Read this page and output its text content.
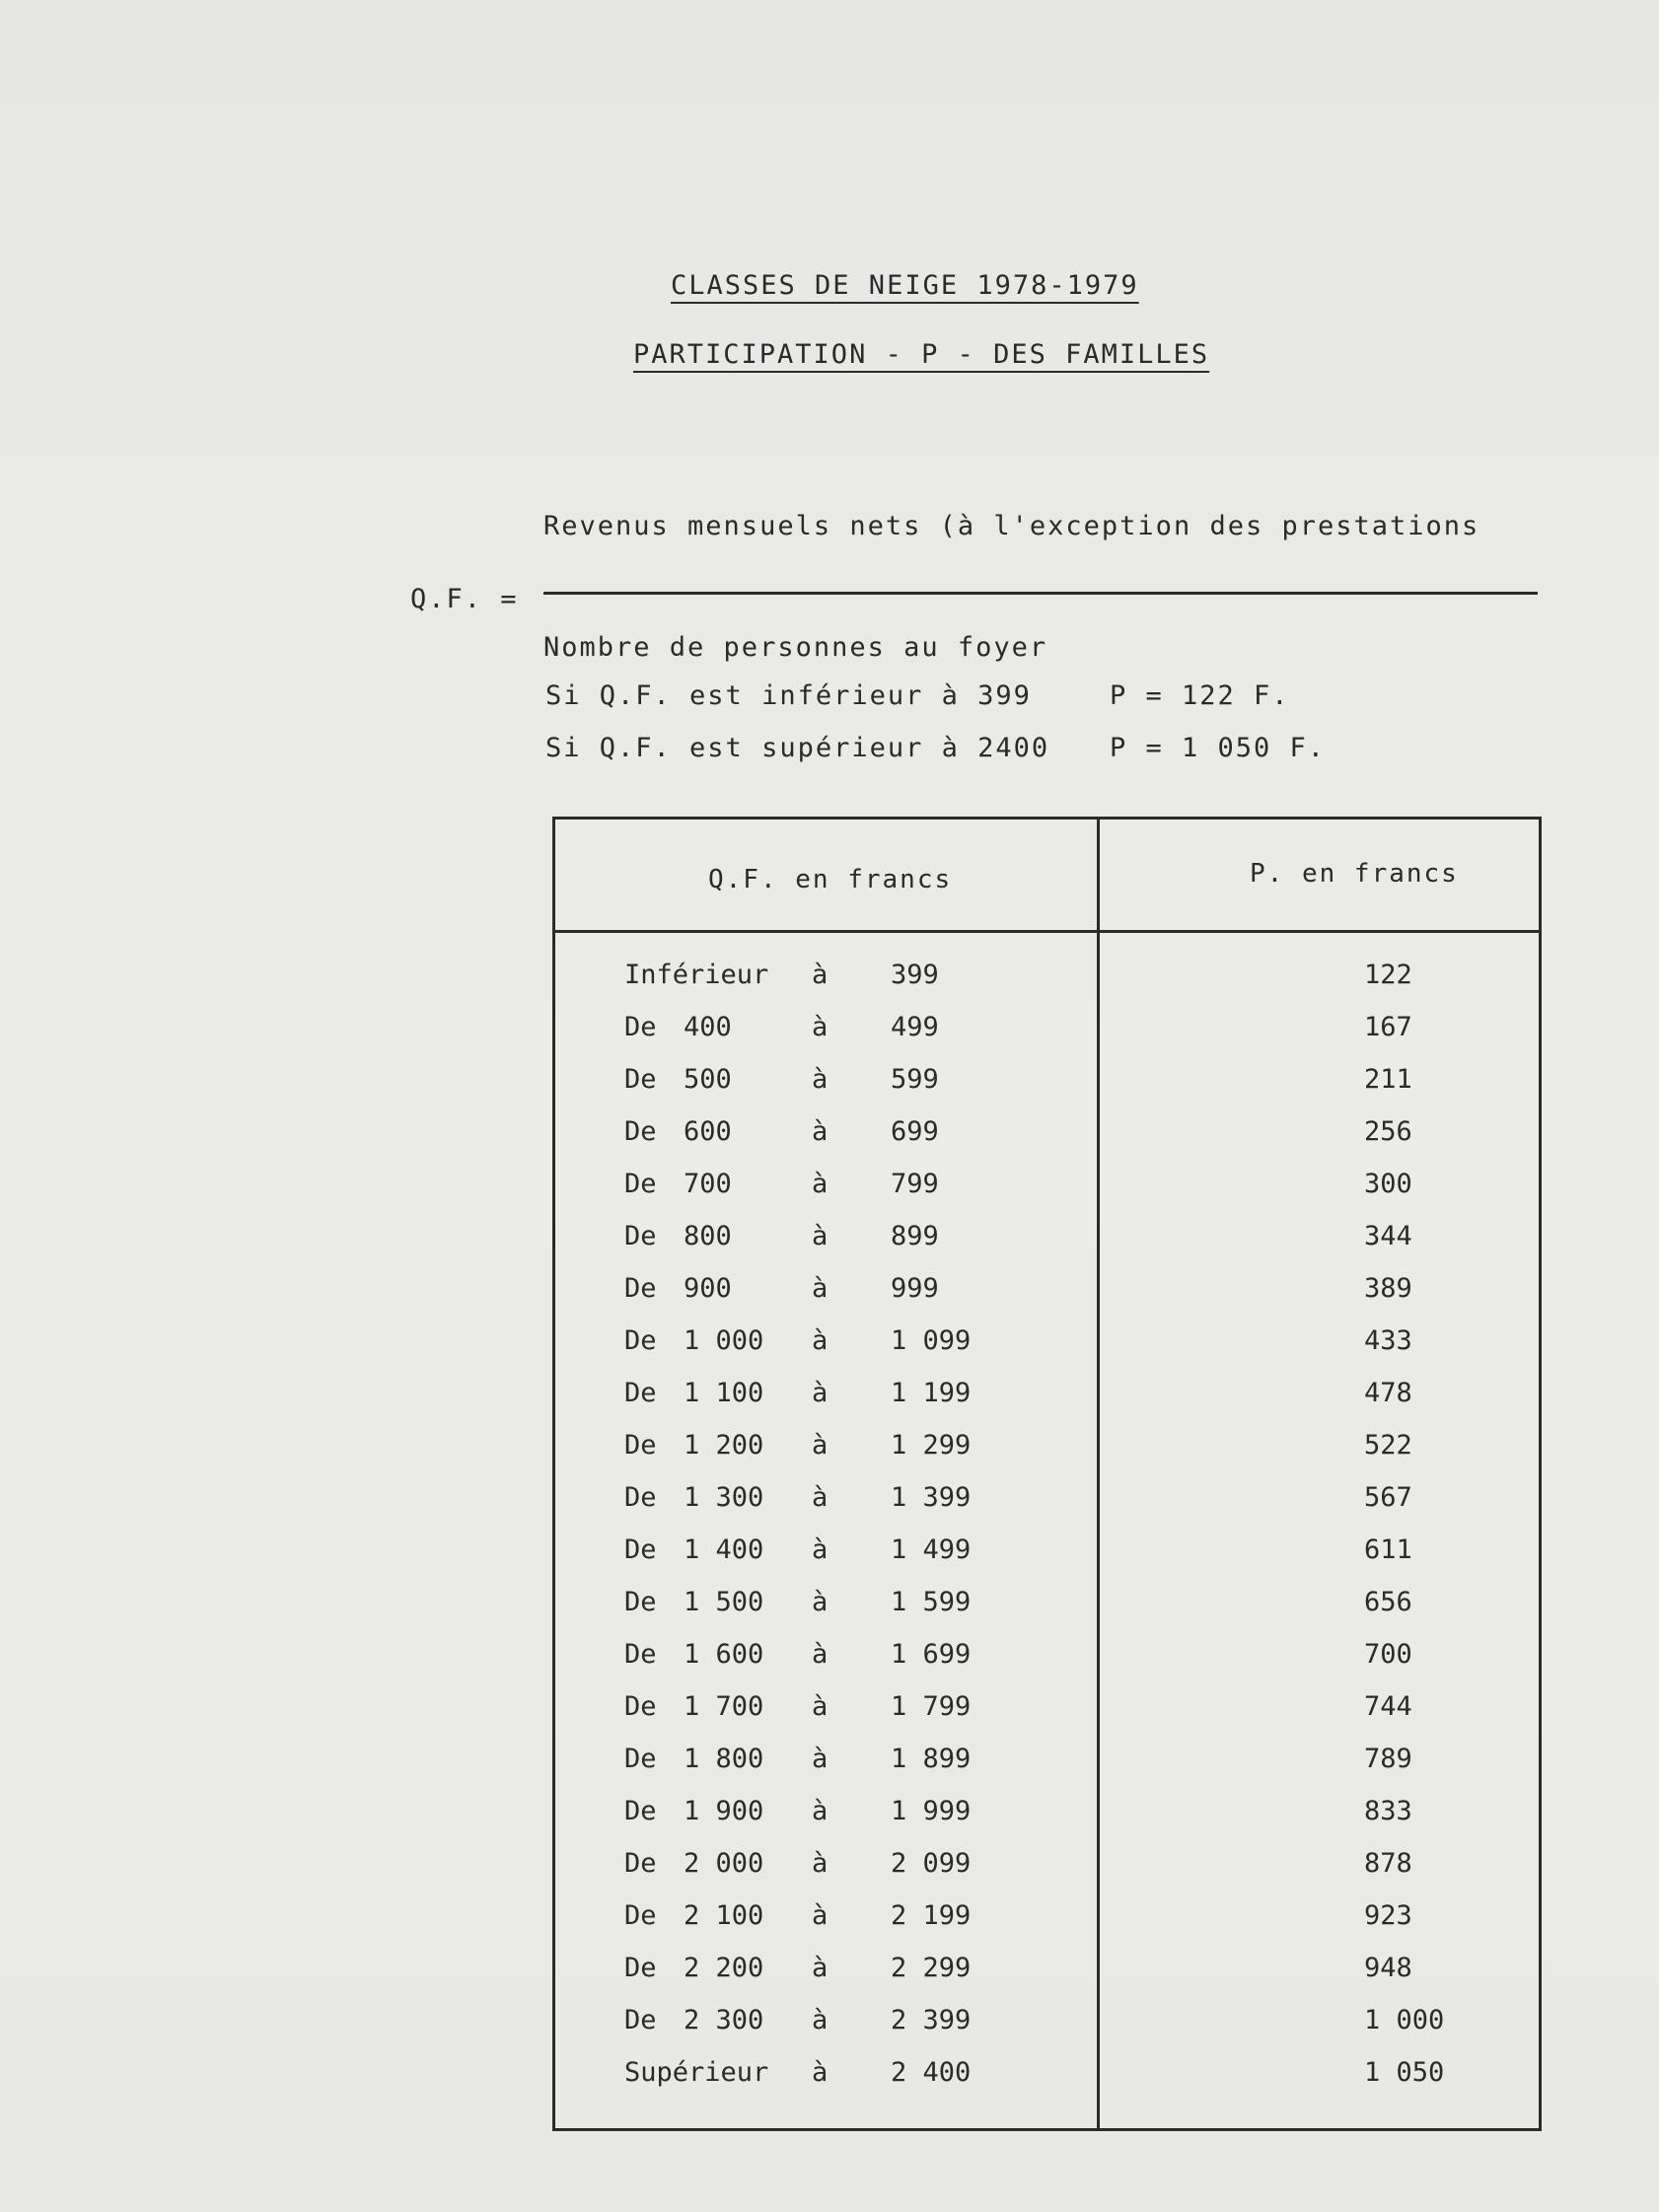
CLASSES DE NEIGE 1978-1979
PARTICIPATION - P - DES FAMILLES
Revenus mensuels nets (à l'exception des prestations
Q.F. =
Nombre de personnes au foyer
Si Q.F. est inférieur à 399	P = 122 F.
Si Q.F. est supérieur à 2400 P = 1 050 F.
Q.F. en francs	P. en francs
Inférieur à 399	122
De 400	à 499	167
De 500	à 599	211
De 600	à 699	256
De 700	à 799	300
De 800	à 899	344
De 900	à 999	389
De 1 000 à 1 099	433
De 1 100 à 1 199	478
De 1 200 à 1 299	522
De 1 300 à 1 399	567
De 1 400 à 1 499	611
De 1 500 à 1 599	656
De 1 600 à 1 699	700
De 1 700 à 1 799	744
De 1 800 à 1 899	789
De 1 900 à 1 999	833
De 2 000 à 2 099	878
De 2 100 à 2 199	923
De 2 200 à 2 299	948
De 2 300 à 2 399	1 000
Supérieur à 2 400	1 050
